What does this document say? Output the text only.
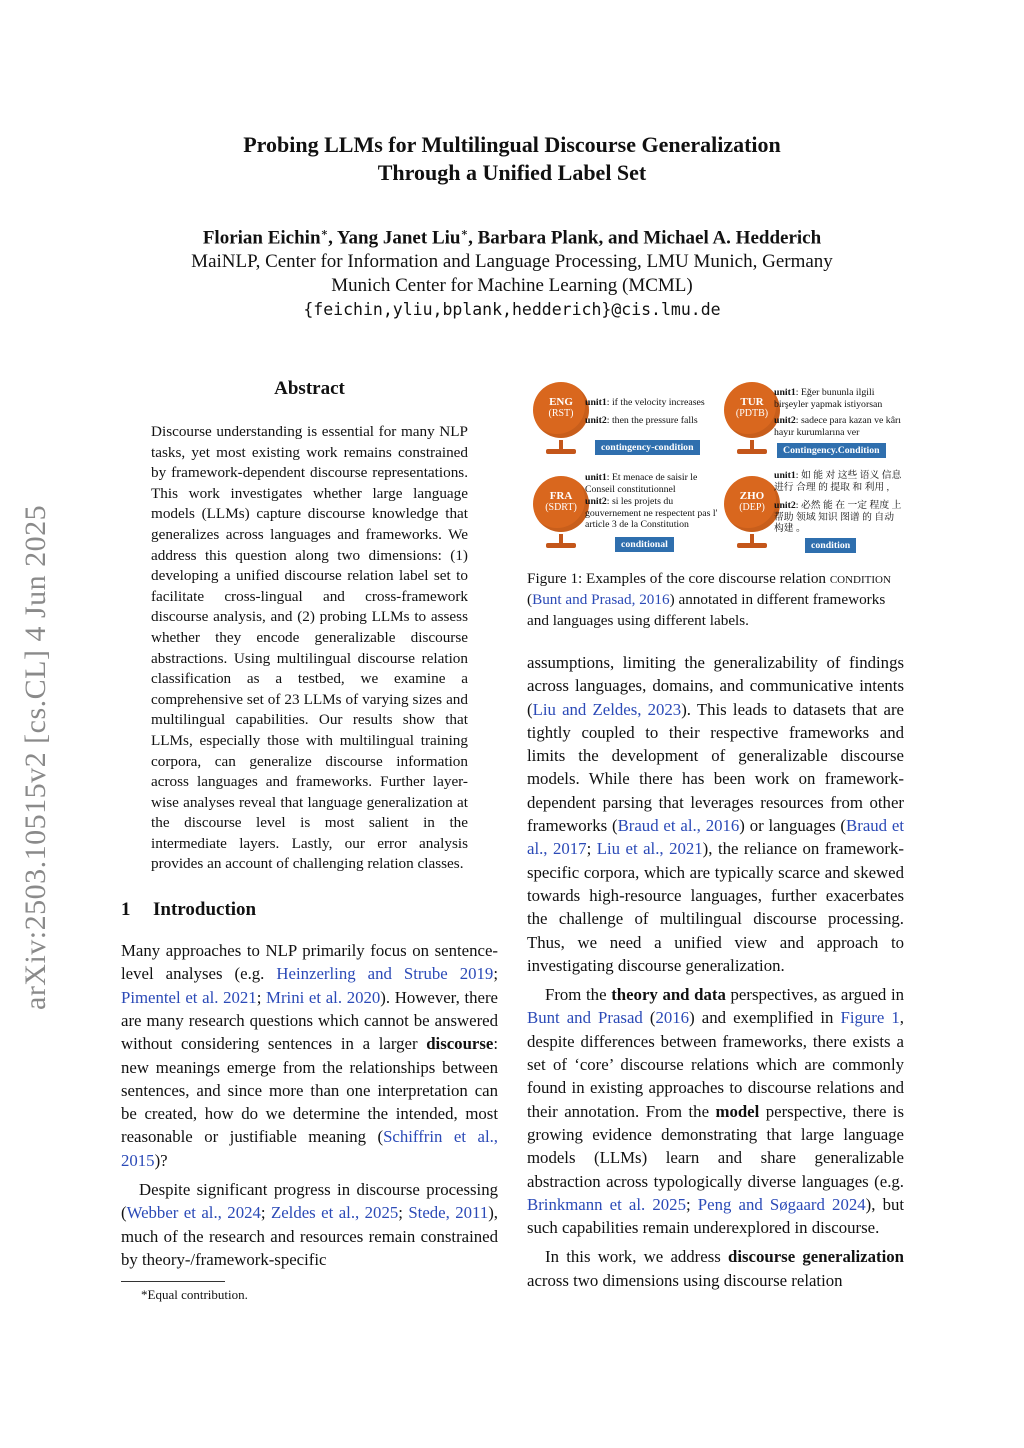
arXiv:2503.10515v2 [cs.CL] 4 Jun 2025
Probing LLMs for Multilingual Discourse Generalization
Through a Unified Label Set
Florian Eichin∗, Yang Janet Liu∗, Barbara Plank, and Michael A. Hedderich
MaiNLP, Center for Information and Language Processing, LMU Munich, Germany
Munich Center for Machine Learning (MCML)
{feichin,yliu,bplank,hedderich}@cis.lmu.de
Abstract
Discourse understanding is essential for many NLP tasks, yet most existing work remains constrained by framework-dependent discourse representations. This work investigates whether large language models (LLMs) capture discourse knowledge that generalizes across languages and frameworks. We address this question along two dimensions: (1) developing a unified discourse relation label set to facilitate cross-lingual and cross-framework discourse analysis, and (2) probing LLMs to assess whether they encode generalizable discourse abstractions. Using multilingual discourse relation classification as a testbed, we examine a comprehensive set of 23 LLMs of varying sizes and multilingual capabilities. Our results show that LLMs, especially those with multilingual training corpora, can generalize discourse information across languages and frameworks. Further layer-wise analyses reveal that language generalization at the discourse level is most salient in the intermediate layers. Lastly, our error analysis provides an account of challenging relation classes.
1 Introduction

Many approaches to NLP primarily focus on sentence-level analyses (e.g. Heinzerling and Strube 2019; Pimentel et al. 2021; Mrini et al. 2020). However, there are many research questions which cannot be answered without considering sentences in a larger discourse: new meanings emerge from the relationships between sentences, and since more than one interpretation can be created, how do we determine the intended, most reasonable or justifiable meaning (Schiffrin et al., 2015)?

Despite significant progress in discourse processing (Webber et al., 2024; Zeldes et al., 2025; Stede, 2011), much of the research and resources remain constrained by theory-/framework-specific

*Equal contribution.
ENG
(RST)
unit1: if the velocity increases
unit2: then the pressure falls
contingency-condition
TUR
(PDTB)
unit1: Eğer bununla ilgili birşeyler yapmak istiyorsan
unit2: sadece para kazan ve kârı hayır kurumlarına ver
Contingency.Condition
FRA
(SDRT)
unit1: Et menace de saisir le Conseil constitutionnel
unit2: si les projets du gouvernement ne respectent pas l' article 3 de la Constitution
conditional
ZHO
(DEP)
unit1: 如 能 对 这些 语义 信息 进行 合理 的 提取 和 利用 ,
unit2: 必然 能 在 一定 程度 上 帮助 领域 知识 图谱 的 自动 构建 。
condition
Figure 1: Examples of the core discourse relation condition (Bunt and Prasad, 2016) annotated in different frameworks and languages using different labels.

assumptions, limiting the generalizability of findings across languages, domains, and communicative intents (Liu and Zeldes, 2023). This leads to datasets that are tightly coupled to their respective frameworks and limits the development of generalizable discourse models. While there has been work on framework-dependent parsing that leverages resources from other frameworks (Braud et al., 2016) or languages (Braud et al., 2017; Liu et al., 2021), the reliance on framework-specific corpora, which are typically scarce and skewed towards high-resource languages, further exacerbates the challenge of multilingual discourse processing. Thus, we need a unified view and approach to investigating discourse generalization.

From the theory and data perspectives, as argued in Bunt and Prasad (2016) and exemplified in Figure 1, despite differences between frameworks, there exists a set of ‘core’ discourse relations which are commonly found in existing approaches to discourse relations and their annotation. From the model perspective, there is growing evidence demonstrating that large language models (LLMs) learn and share generalizable abstraction across typologically diverse languages (e.g. Brinkmann et al. 2025; Peng and Søgaard 2024), but such capabilities remain underexplored in discourse.

In this work, we address discourse generalization across two dimensions using discourse relation
